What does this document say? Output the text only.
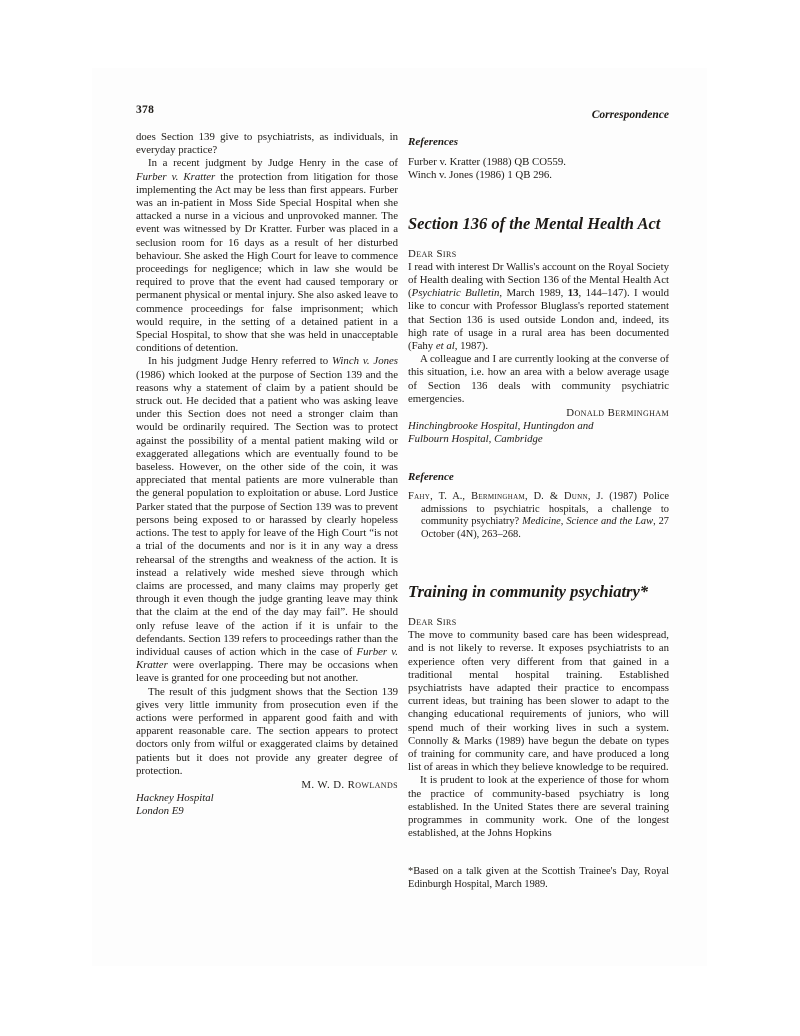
378	Correspondence

does Section 139 give to psychiatrists, as individuals, in everyday practice?

In a recent judgment by Judge Henry in the case of Furber v. Kratter the protection from litigation for those implementing the Act may be less than first appears. Furber was an in-patient in Moss Side Special Hospital when she attacked a nurse in a vicious and unprovoked manner. The event was witnessed by Dr Kratter. Furber was placed in a seclusion room for 16 days as a result of her disturbed behaviour. She asked the High Court for leave to commence proceedings for negligence; which in law she would be required to prove that the event had caused temporary or permanent physical or mental injury. She also asked leave to commence proceedings for false imprisonment; which would require, in the setting of a detained patient in a Special Hospital, to show that she was held in unacceptable conditions of detention.

In his judgment Judge Henry referred to Winch v. Jones (1986) which looked at the purpose of Section 139 and the reasons why a statement of claim by a patient should be struck out. He decided that a patient who was asking leave under this Section does not need a stronger claim than would be ordinarily required. The Section was to protect against the possibility of a mental patient making wild or exaggerated allegations which are eventually found to be baseless. However, on the other side of the coin, it was appreciated that mental patients are more vulnerable than the general population to exploitation or abuse. Lord Justice Parker stated that the purpose of Section 139 was to prevent persons being exposed to or harassed by clearly hopeless actions. The test to apply for leave of the High Court “is not a trial of the documents and nor is it in any way a dress rehearsal of the strengths and weakness of the action. It is instead a relatively wide meshed sieve through which claims are processed, and many claims may properly get through it even though the judge granting leave may think that the claim at the end of the day may fail”. He should only refuse leave of the action if it is unfair to the defendants. Section 139 refers to proceedings rather than the individual causes of action which in the case of Furber v. Kratter were overlapping. There may be occasions when leave is granted for one proceeding but not another.

The result of this judgment shows that the Section 139 gives very little immunity from prosecution even if the actions were performed in apparent good faith and with apparent reasonable care. The section appears to protect doctors only from wilful or exaggerated claims by detained patients but it does not provide any greater degree of protection.

M. W. D. Rowlands

Hackney Hospital

London E9

References

Furber v. Kratter (1988) QB CO559.

Winch v. Jones (1986) 1 QB 296.

Section 136 of the Mental Health Act

Dear Sirs

I read with interest Dr Wallis's account on the Royal Society of Health dealing with Section 136 of the Mental Health Act (Psychiatric Bulletin, March 1989, 13, 144–147). I would like to concur with Professor Bluglass's reported statement that Section 136 is used outside London and, indeed, its high rate of usage in a rural area has been documented (Fahy et al, 1987).

A colleague and I are currently looking at the converse of this situation, i.e. how an area with a below average usage of Section 136 deals with community psychiatric emergencies.

Donald Bermingham

Hinchingbrooke Hospital, Huntingdon and

Fulbourn Hospital, Cambridge

Reference

Fahy, T. A., Bermingham, D. & Dunn, J. (1987) Police admissions to psychiatric hospitals, a challenge to community psychiatry? Medicine, Science and the Law, 27 October (4N), 263–268.

Training in community psychiatry*

Dear Sirs

The move to community based care has been widespread, and is not likely to reverse. It exposes psychiatrists to an experience often very different from that gained in a traditional mental hospital training. Established psychiatrists have adapted their practice to encompass current ideas, but training has been slower to adapt to the changing educational requirements of juniors, who will spend much of their working lives in such a system. Connolly & Marks (1989) have begun the debate on types of training for community care, and have produced a long list of areas in which they believe knowledge to be required.

It is prudent to look at the experience of those for whom the practice of community-based psychiatry is long established. In the United States there are several training programmes in community work. One of the longest established, at the Johns Hopkins

*Based on a talk given at the Scottish Trainee's Day, Royal Edinburgh Hospital, March 1989.
